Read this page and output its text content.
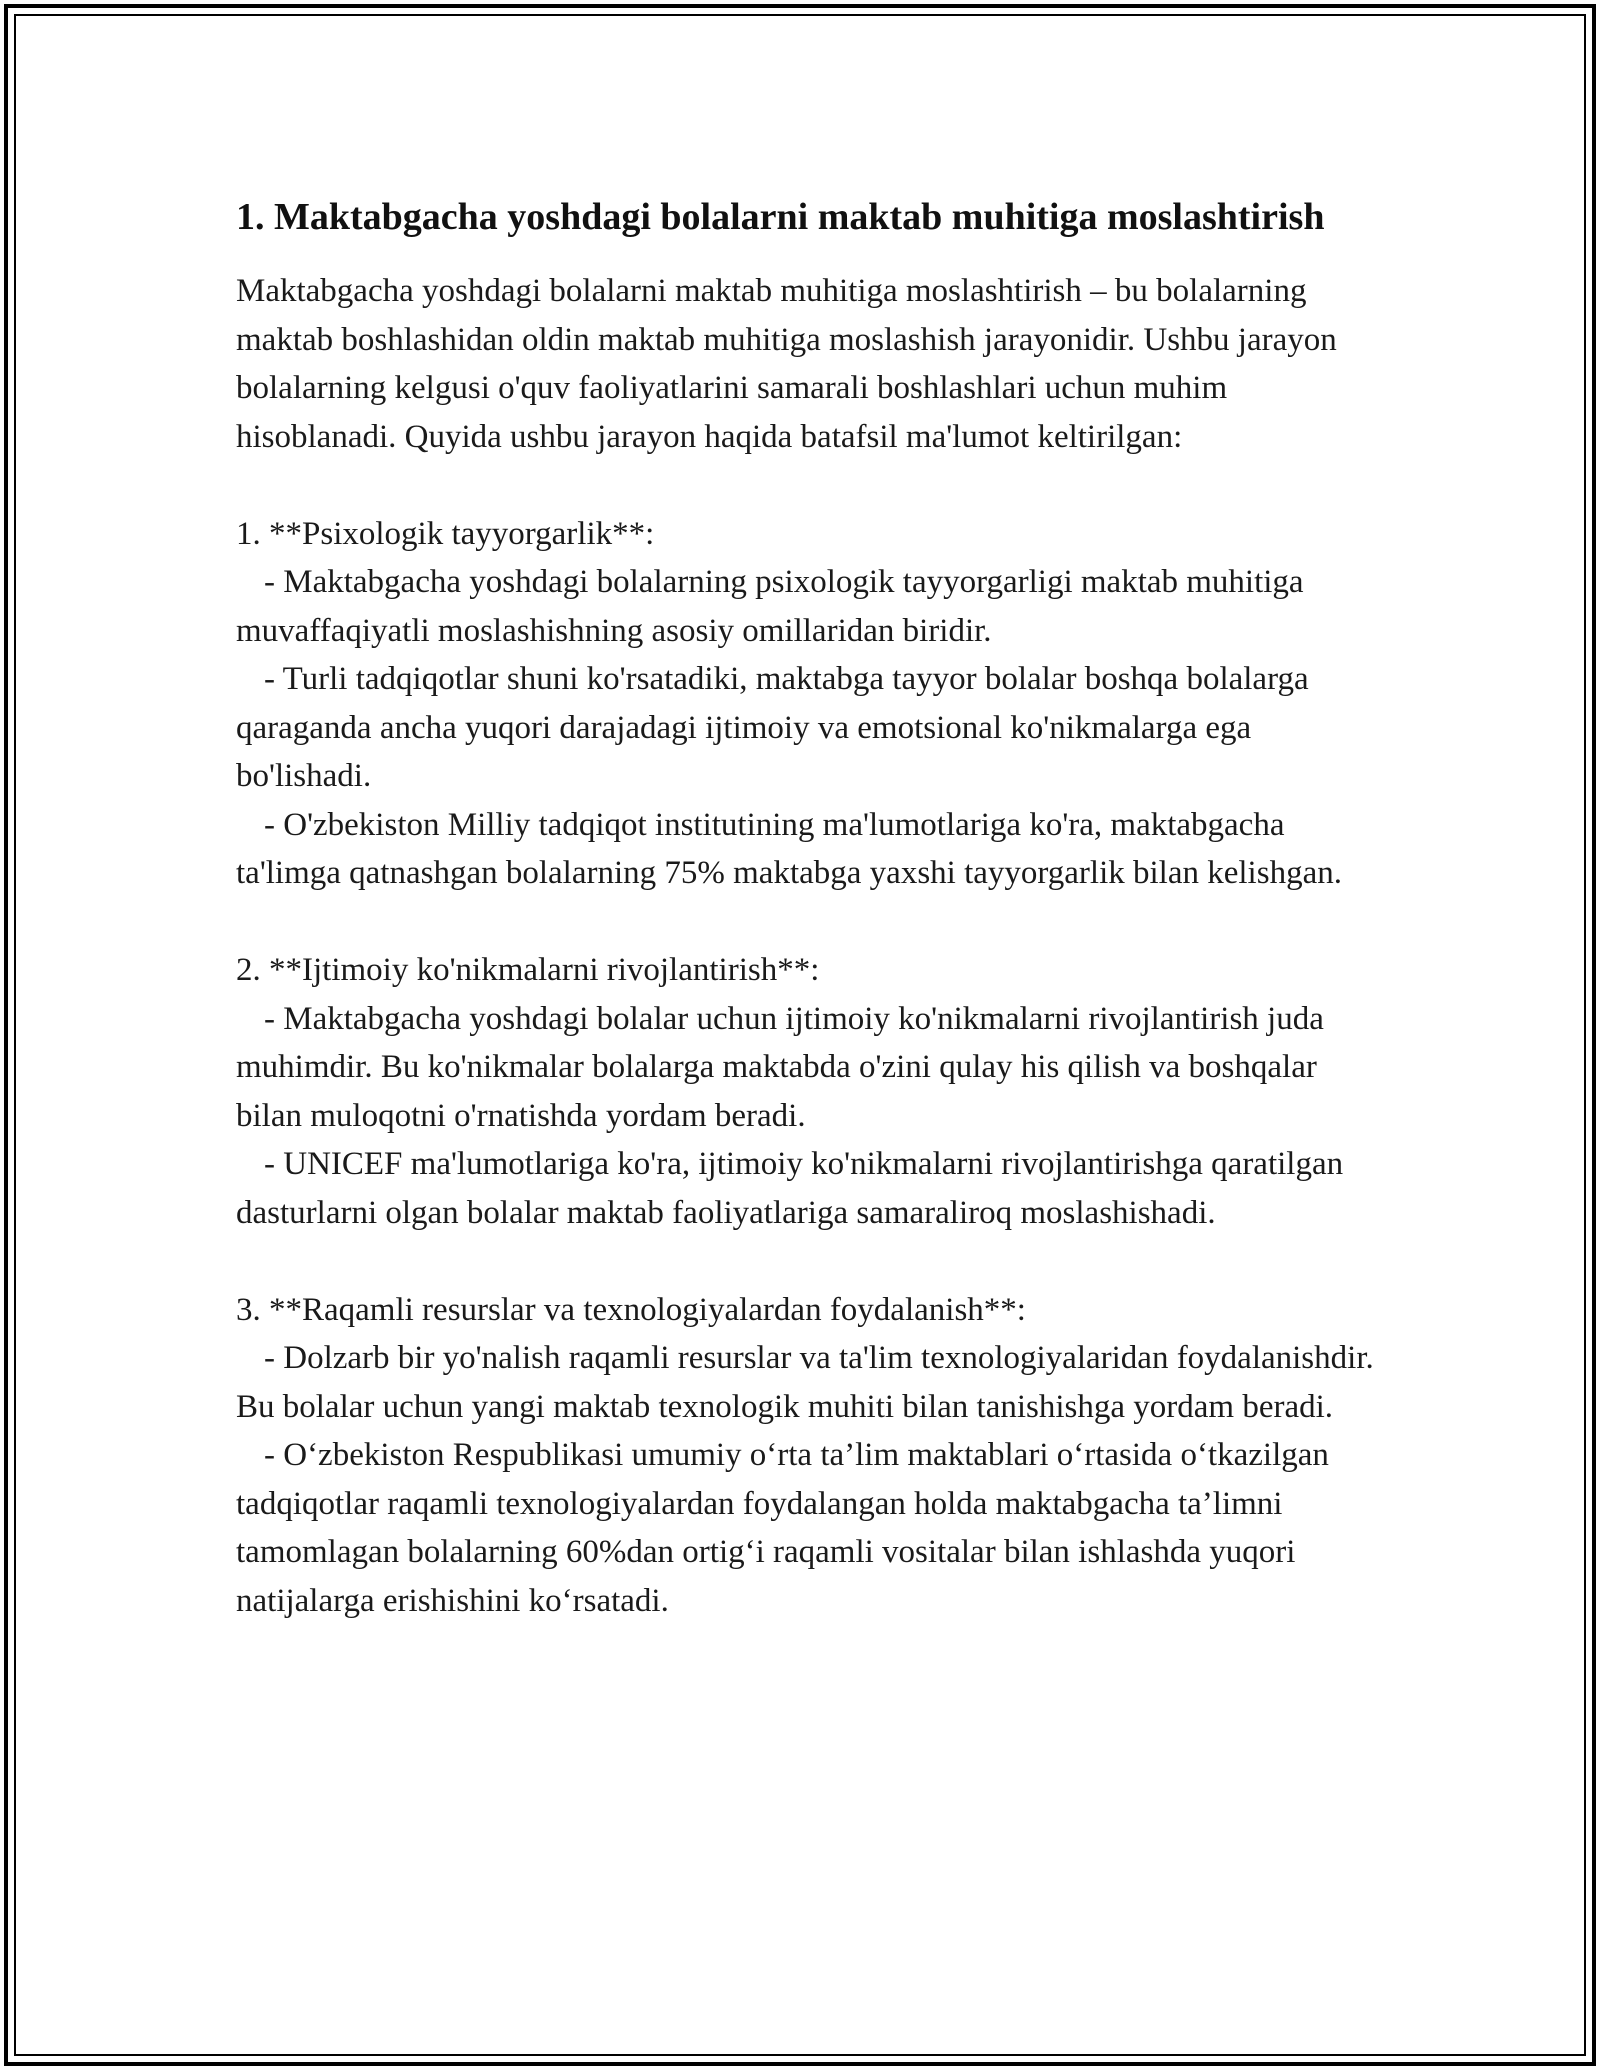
1. Maktabgacha yoshdagi bolalarni maktab muhitiga moslashtirish

Maktabgacha yoshdagi bolalarni maktab muhitiga moslashtirish – bu bolalarning maktab boshlashidan oldin maktab muhitiga moslashish jarayonidir. Ushbu jarayon bolalarning kelgusi o'quv faoliyatlarini samarali boshlashlari uchun muhim hisoblanadi. Quyida ushbu jarayon haqida batafsil ma'lumot keltirilgan:

1. **Psixologik tayyorgarlik**:
- Maktabgacha yoshdagi bolalarning psixologik tayyorgarligi maktab muhitiga muvaffaqiyatli moslashishning asosiy omillaridan biridir.
- Turli tadqiqotlar shuni ko'rsatadiki, maktabga tayyor bolalar boshqa bolalarga qaraganda ancha yuqori darajadagi ijtimoiy va emotsional ko'nikmalarga ega bo'lishadi.
- O'zbekiston Milliy tadqiqot institutining ma'lumotlariga ko'ra, maktabgacha ta'limga qatnashgan bolalarning 75% maktabga yaxshi tayyorgarlik bilan kelishgan.
2. **Ijtimoiy ko'nikmalarni rivojlantirish**:
- Maktabgacha yoshdagi bolalar uchun ijtimoiy ko'nikmalarni rivojlantirish juda muhimdir. Bu ko'nikmalar bolalarga maktabda o'zini qulay his qilish va boshqalar bilan muloqotni o'rnatishda yordam beradi.
- UNICEF ma'lumotlariga ko'ra, ijtimoiy ko'nikmalarni rivojlantirishga qaratilgan dasturlarni olgan bolalar maktab faoliyatlariga samaraliroq moslashishadi.
3. **Raqamli resurslar va texnologiyalardan foydalanish**:
- Dolzarb bir yo'nalish raqamli resurslar va ta'lim texnologiyalaridan foydalanishdir. Bu bolalar uchun yangi maktab texnologik muhiti bilan tanishishga yordam beradi.
- O‘zbekiston Respublikasi umumiy o‘rta ta’lim maktablari o‘rtasida o‘tkazilgan tadqiqotlar raqamli texnologiyalardan foydalangan holda maktabgacha ta’limni tamomlagan bolalarning 60%dan ortig‘i raqamli vositalar bilan ishlashda yuqori natijalarga erishishini ko‘rsatadi.
